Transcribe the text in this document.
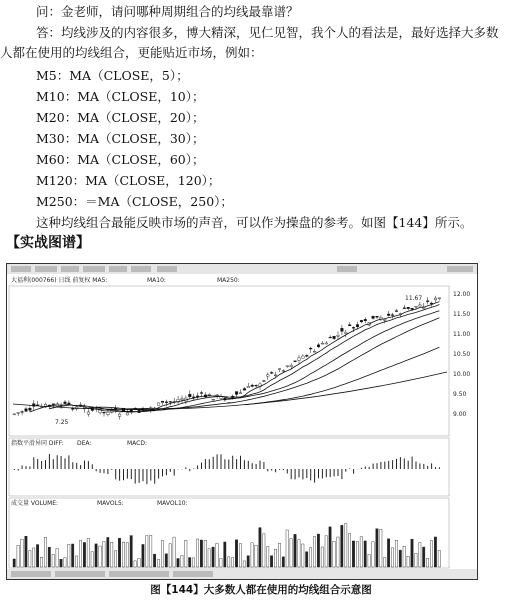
问：金老师，请问哪种周期组合的均线最靠谱？
答：均线涉及的内容很多，博大精深，见仁见智，我个人的看法是，最好选择大多数
人都在使用的均线组合，更能贴近市场，例如：
M5：MA（CLOSE，5）；
M10：MA（CLOSE，10）；
M20：MA（CLOSE，20）；
M30：MA（CLOSE，30）；
M60：MA（CLOSE，60）；
M120：MA（CLOSE，120）；
M250：＝MA（CLOSE，250）；
这种均线组合最能反映市场的声音，可以作为操盘的参考。如图【144】所示。
【实战图谱】
大福利(000766) 日线 前复权 MA5:	MA10:	MA250:
12.00
11.50
11.00
10.50
10.00
9.50
9.00
11.67
7.25
指数平滑异同 DIFF: DEA:	MACD:
成交量 VOLUME:	MAVOL5:	MAVOL10:
图【144】大多数人都在使用的均线组合示意图
